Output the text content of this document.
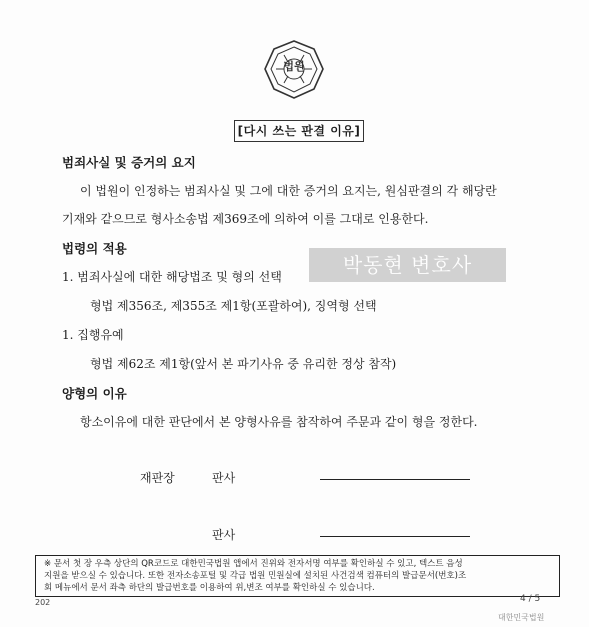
법원
[다시 쓰는 판결 이유]
범죄사실 및 증거의 요지
이 법원이 인정하는 범죄사실 및 그에 대한 증거의 요지는, 원심판결의 각 해당란
기재와 같으므로 형사소송법 제369조에 의하여 이를 그대로 인용한다.
법령의 적용
1. 범죄사실에 대한 해당법조 및 형의 선택
형법 제356조, 제355조 제1항(포괄하여), 징역형 선택
1. 집행유예
형법 제62조 제1항(앞서 본 파기사유 중 유리한 정상 참작)
양형의 이유
항소이유에 대한 판단에서 본 양형사유를 참작하여 주문과 같이 형을 정한다.
박동현 변호사
재판장	판사
판사
※ 문서 첫 장 우측 상단의 QR코드로 대한민국법원 앱에서 진위와 전자서명 여부를 확인하실 수 있고, 텍스트 음성
지원을 받으실 수 있습니다. 또한 전자소송포털 및 각급 법원 민원실에 설치된 사건검색 컴퓨터의 발급문서(번호)조
회 메뉴에서 문서 좌측 하단의 발급번호를 이용하여 위,변조 여부를 확인하실 수 있습니다.
202	4 / 5
대한민국법원
